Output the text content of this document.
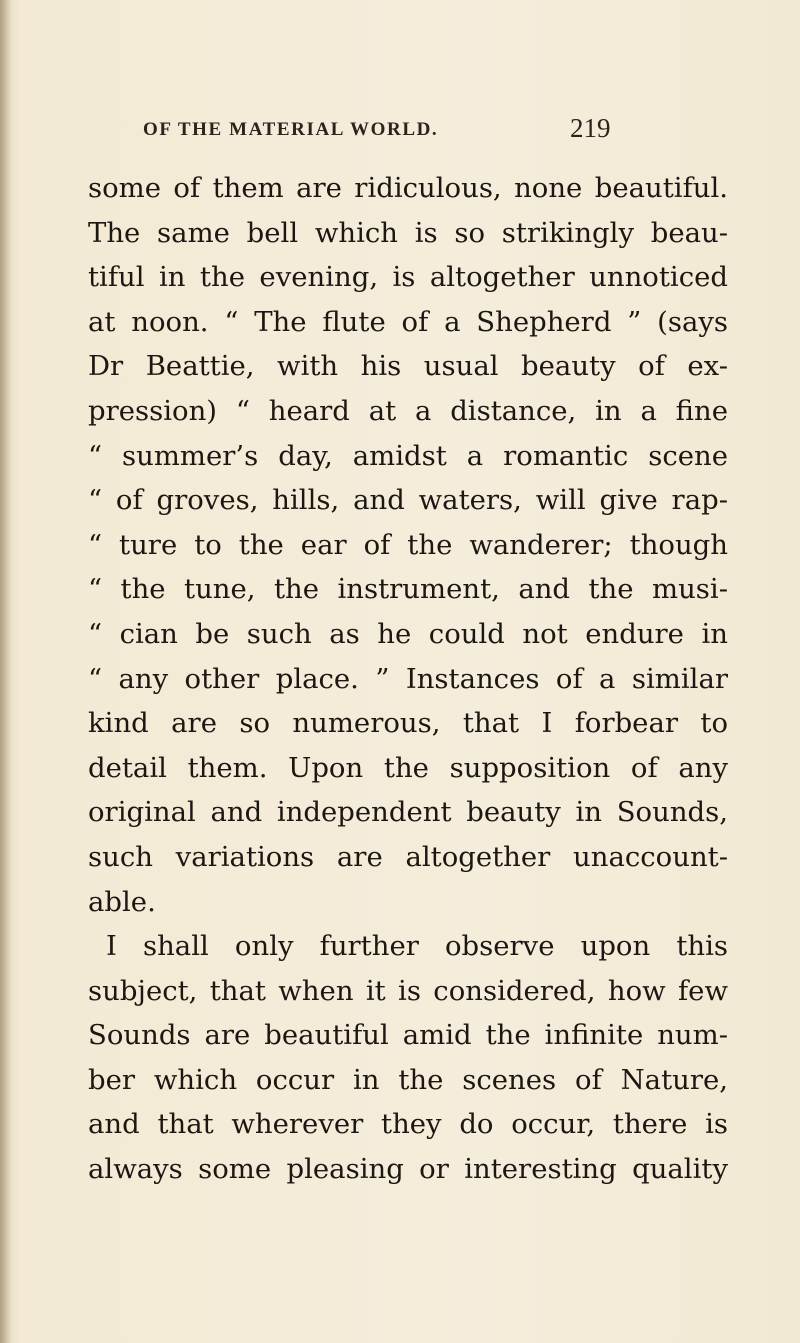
OF THE MATERIAL WORLD.	219
some of them are ridiculous, none beautiful.
The same bell which is so strikingly beau-
tiful in the evening, is altogether unnoticed
at noon. “ The flute of a Shepherd ” (says
Dr Beattie, with his usual beauty of ex-
pression) “ heard at a distance, in a fine
“ summer’s day, amidst a romantic scene
“ of groves, hills, and waters, will give rap-
“ ture to the ear of the wanderer; though
“ the tune, the instrument, and the musi-
“ cian be such as he could not endure in
“ any other place. ” Instances of a similar
kind are so numerous, that I forbear to
detail them. Upon the supposition of any
original and independent beauty in Sounds,
such variations are altogether unaccount-
able.
I shall only further observe upon this
subject, that when it is considered, how few
Sounds are beautiful amid the infinite num-
ber which occur in the scenes of Nature,
and that wherever they do occur, there is
always some pleasing or interesting quality
